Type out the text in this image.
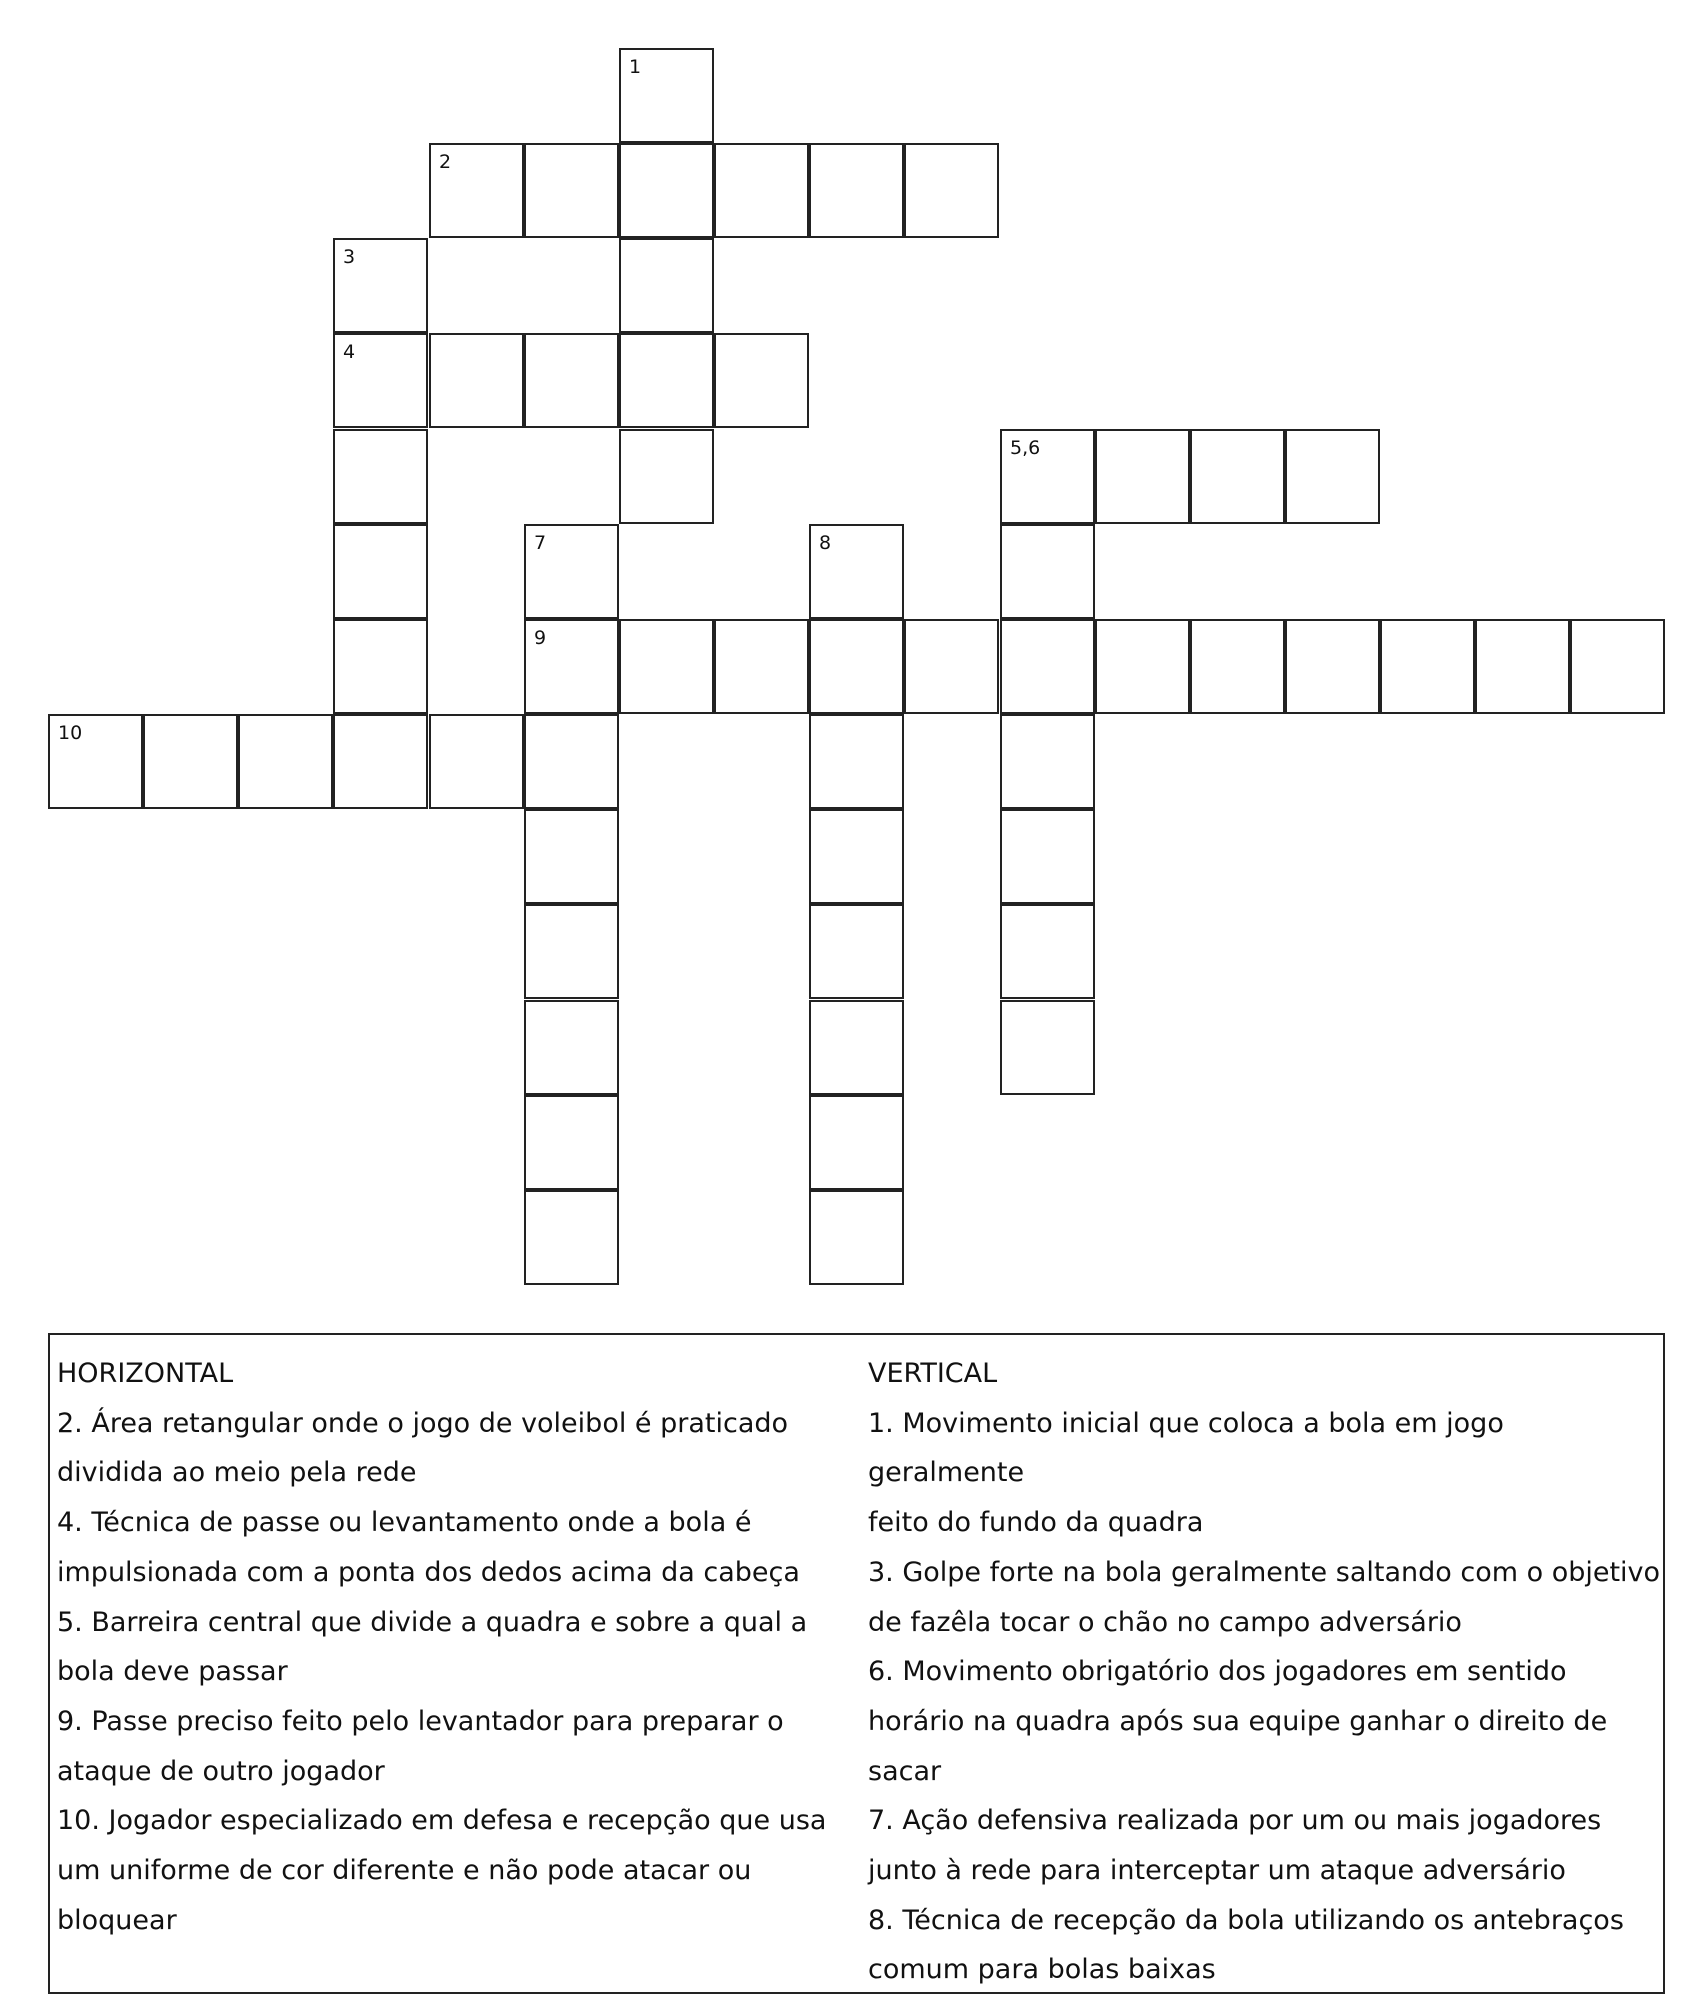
1
2
3
4
5,6
7	8
9
10
HORIZONTAL
2. Área retangular onde o jogo de voleibol é praticado
dividida ao meio pela rede
4. Técnica de passe ou levantamento onde a bola é
impulsionada com a ponta dos dedos acima da cabeça
5. Barreira central que divide a quadra e sobre a qual a
bola deve passar
9. Passe preciso feito pelo levantador para preparar o
ataque de outro jogador
10. Jogador especializado em defesa e recepção que usa
um uniforme de cor diferente e não pode atacar ou
bloquear
VERTICAL
1. Movimento inicial que coloca a bola em jogo geralmente
feito do fundo da quadra
3. Golpe forte na bola geralmente saltando com o objetivo
de fazêla tocar o chão no campo adversário
6. Movimento obrigatório dos jogadores em sentido
horário na quadra após sua equipe ganhar o direito de
sacar
7. Ação defensiva realizada por um ou mais jogadores
junto à rede para interceptar um ataque adversário
8. Técnica de recepção da bola utilizando os antebraços
comum para bolas baixas
